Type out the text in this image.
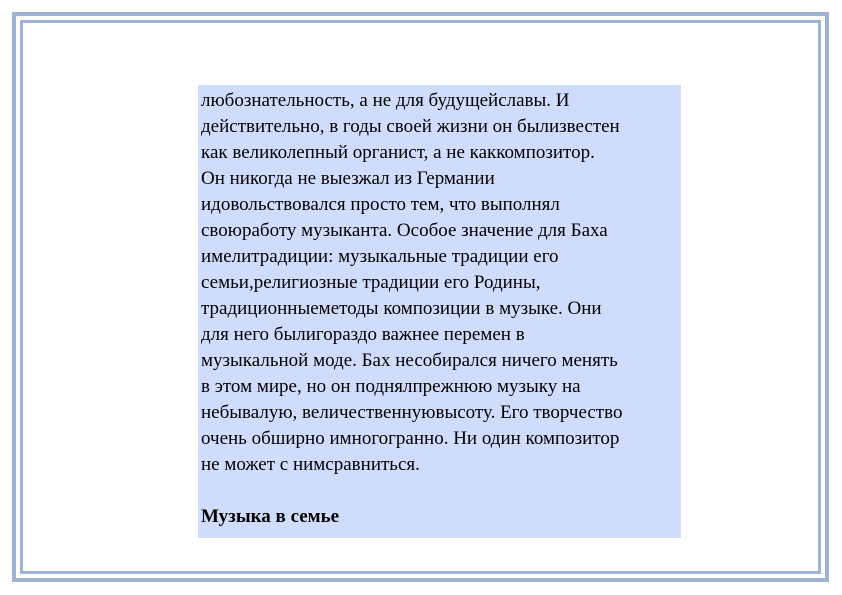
любознательность, а не для будущейславы. И
действительно, в годы своей жизни он былизвестен
как великолепный органист, а не каккомпозитор.
Он никогда не выезжал из Германии
идовольствовался просто тем, что выполнял
своюработу музыканта. Особое значение для Баха
имелитрадиции: музыкальные традиции его
семьи,религиозные традиции его Родины,
традиционныеметоды композиции в музыке. Они
для него былигораздо важнее перемен в
музыкальной моде. Бах несобирался ничего менять
в этом мире, но он поднялпрежнюю музыку на
небывалую, величественнуювысоту. Его творчество
очень обширно имногогранно. Ни один композитор
не может с нимсравниться.
Музыка в семье
